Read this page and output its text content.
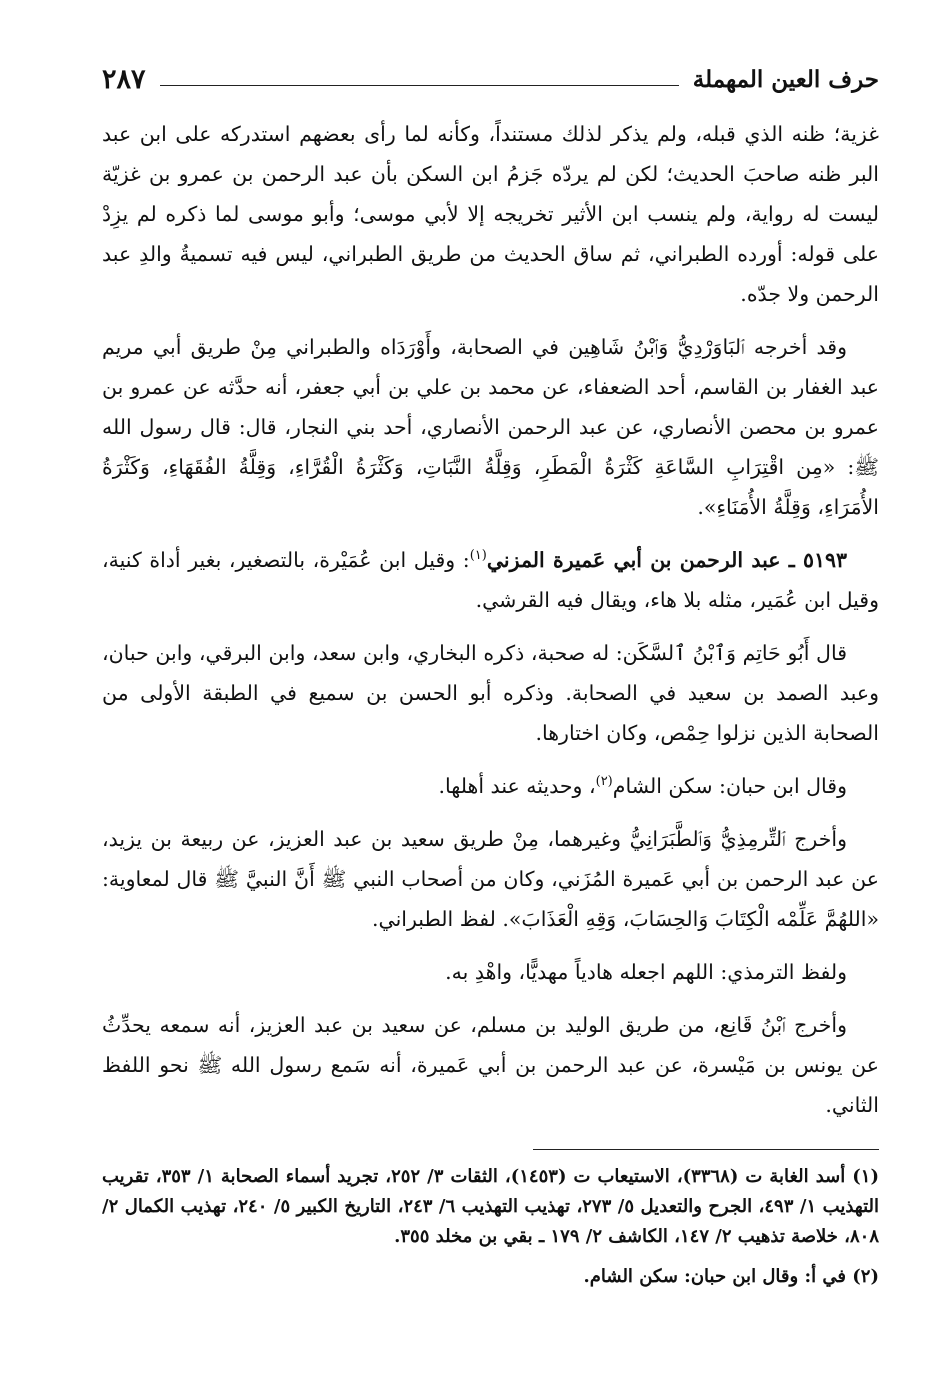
حرف العين المهملة
٢٨٧

غزية؛ ظنه الذي قبله، ولم يذكر لذلك مستنداً، وكأنه لما رأى بعضهم استدركه على ابن عبد البر ظنه صاحبَ الحديث؛ لكن لم يردّه جَزمُ ابن السكن بأن عبد الرحمن بن عمرو بن غزيّة ليست له رواية، ولم ينسب ابن الأثير تخريجه إلا لأبي موسى؛ وأبو موسى لما ذكره لم يزِدْ على قوله: أورده الطبراني، ثم ساق الحديث من طريق الطبراني، ليس فيه تسميةُ والدِ عبد الرحمن ولا جدّه.

وقد أخرجه ٱلبَاوَرْدِيُّ وَٱبْنُ شَاهِين في الصحابة، وأَوْرَدَاه والطبراني مِنْ طريق أبي مريم عبد الغفار بن القاسم، أحد الضعفاء، عن محمد بن علي بن أبي جعفر، أنه حدَّثه عن عمرو بن عمرو بن محصن الأنصاري، عن عبد الرحمن الأنصاري، أحد بني النجار، قال: قال رسول الله ﷺ: «مِن اقْتِرَابِ السَّاعَةِ كَثْرَةُ الْمَطَرِ، وَقِلَّةُ النَّبَاتِ، وَكَثْرَةُ الْقُرَّاءِ، وَقِلَّةُ الفُقَهَاءِ، وَكَثْرَةُ الأُمَرَاءِ، وَقِلَّةُ الأُمَنَاءِ».

٥١٩٣ ـ عبد الرحمن بن أبي عَميرة المزني$^{(١)}$: وقيل ابن عُمَيْرة، بالتصغير، بغير أداة كنية، وقيل ابن عُمَير، مثله بلا هاء، ويقال فيه القرشي.

قال أَبُو حَاتِم وَٱبْنُ ٱلسَّكَن: له صحبة، ذكره البخاري، وابن سعد، وابن البرقي، وابن حبان، وعبد الصمد بن سعيد في الصحابة. وذكره أبو الحسن بن سميع في الطبقة الأولى من الصحابة الذين نزلوا حِمْص، وكان اختارها.

وقال ابن حبان: سكن الشام$^{(٢)}$، وحديثه عند أهلها.

وأخرج ٱلتِّرمِذِيُّ وَٱلطَّبَرَانِيُّ وغيرهما، مِنْ طريق سعيد بن عبد العزيز، عن ربيعة بن يزيد، عن عبد الرحمن بن أبي عَميرة المُزَني، وكان من أصحاب النبي ﷺ أَنَّ النبيَّ ﷺ قال لمعاوية: «اللهُمَّ عَلِّمْه الْكِتَابَ وَالحِسَابَ، وَقِهِ الْعَذَابَ». لفظ الطبراني.

ولفظ الترمذي: اللهم اجعله هادياً مهديًّا، واهْدِ به.

وأخرج ٱبْنُ قَانِع، من طريق الوليد بن مسلم، عن سعيد بن عبد العزيز، أنه سمعه يحدِّثُ عن يونس بن مَيْسرة، عن عبد الرحمن بن أبي عَميرة، أنه سَمع رسول الله ﷺ نحو اللفظ الثاني.

(١) أسد الغابة ت (٣٣٦٨)، الاستيعاب ت (١٤٥٣)، الثقات ٣/ ٢٥٢، تجريد أسماء الصحابة ١/ ٣٥٣، تقريب التهذيب ١/ ٤٩٣، الجرح والتعديل ٥/ ٢٧٣، تهذيب التهذيب ٦/ ٢٤٣، التاريخ الكبير ٥/ ٢٤٠، تهذيب الكمال ٢/ ٨٠٨، خلاصة تذهيب ٢/ ١٤٧، الكاشف ٢/ ١٧٩ ـ بقي بن مخلد ٣٥٥.

(٢) في أ: وقال ابن حبان: سكن الشام.
